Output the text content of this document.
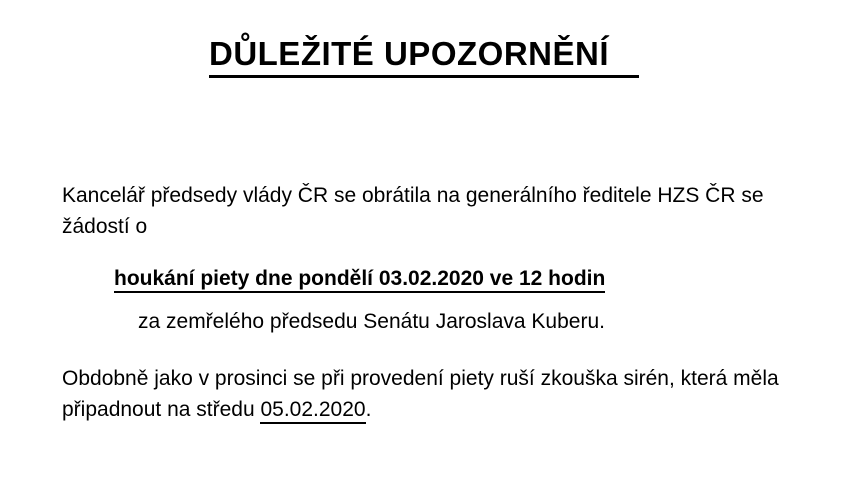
DŮLEŽITÉ UPOZORNĚNÍ

Kancelář předsedy vlády ČR se obrátila na generálního ředitele HZS ČR se žádostí o

houkání piety dne pondělí 03.02.2020 ve 12 hodin

za zemřelého předsedu Senátu Jaroslava Kuberu.

Obdobně jako v prosinci se při provedení piety ruší zkouška sirén, která měla připadnout na středu 05.02.2020.
